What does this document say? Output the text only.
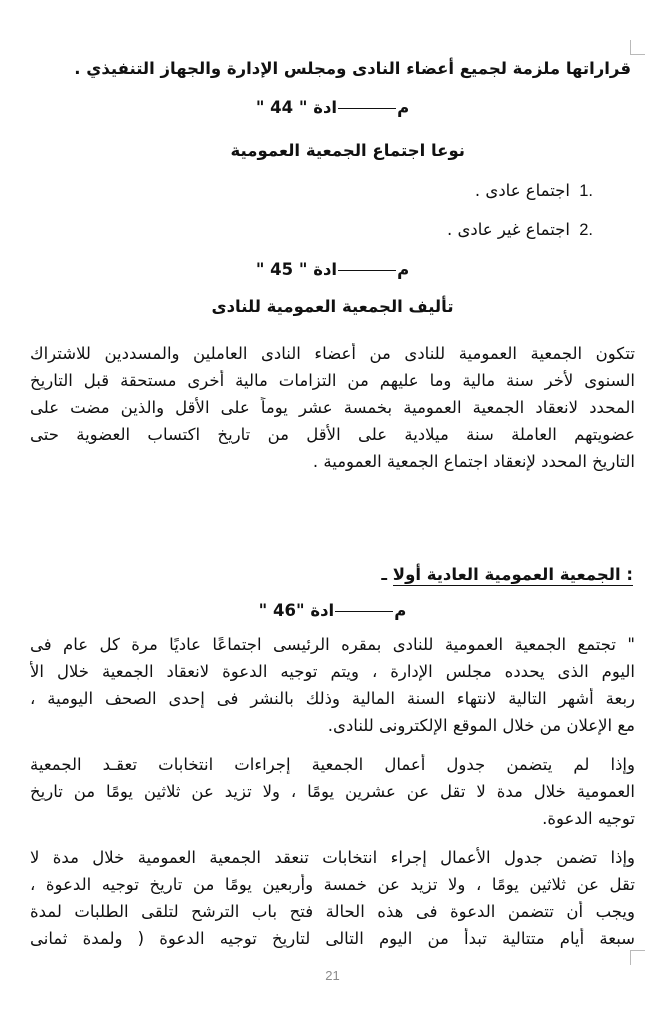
قراراتها ملزمة لجميع أعضاء النادى ومجلس الإدارة والجهاز التنفيذي .
مادة " 44 "
نوعا اجتماع الجمعية العمومية
.1 اجتماع عادى .
.2 اجتماع غير عادى .
مادة " 45 "
تأليف الجمعية العمومية للنادى
تتكون الجمعية العمومية للنادى من أعضاء النادى العاملين والمسددين للاشتراك
السنوى لأخر سنة مالية وما عليهم من التزامات مالية أخرى مستحقة قبل التاريخ
المحدد لانعقاد الجمعية العمومية بخمسة عشر يوماً على الأقل والذين مضت على
عضويتهم العاملة سنة ميلادية على الأقل من تاريخ اكتساب العضوية حتى
التاريخ المحدد لإنعقاد اجتماع الجمعية العمومية .
: الجمعية العمومية العادية أولا ـ
مادة "46 "
" تجتمع الجمعية العمومية للنادى بمقره الرئيسى اجتماعًا عاديًا مرة كل عام فى
اليوم الذى يحدده مجلس الإدارة ، ويتم توجيه الدعوة لانعقاد الجمعية خلال الأ
ربعة أشهر التالية لانتهاء السنة المالية وذلك بالنشر فى إحدى الصحف اليومية ،
مع الإعلان من خلال الموقع الإلكترونى للنادى.
وإذا لم يتضمن جدول أعمال الجمعية إجراءات انتخابات تعقـد الجمعية
العمومية خلال مدة لا تقل عن عشرين يومًا ، ولا تزيد عن ثلاثين يومًا من تاريخ
توجيه الدعوة.
وإذا تضمن جدول الأعمال إجراء انتخابات تنعقد الجمعية العمومية خلال مدة لا
تقل عن ثلاثين يومًا ، ولا تزيد عن خمسة وأربعين يومًا من تاريخ توجيه الدعوة ،
ويجب أن تتضمن الدعوة فى هذه الحالة فتح باب الترشح لتلقى الطلبات لمدة
سبعة أيام متتالية تبدأ من اليوم التالى لتاريخ توجيه الدعوة ( ولمدة ثمانى
21
